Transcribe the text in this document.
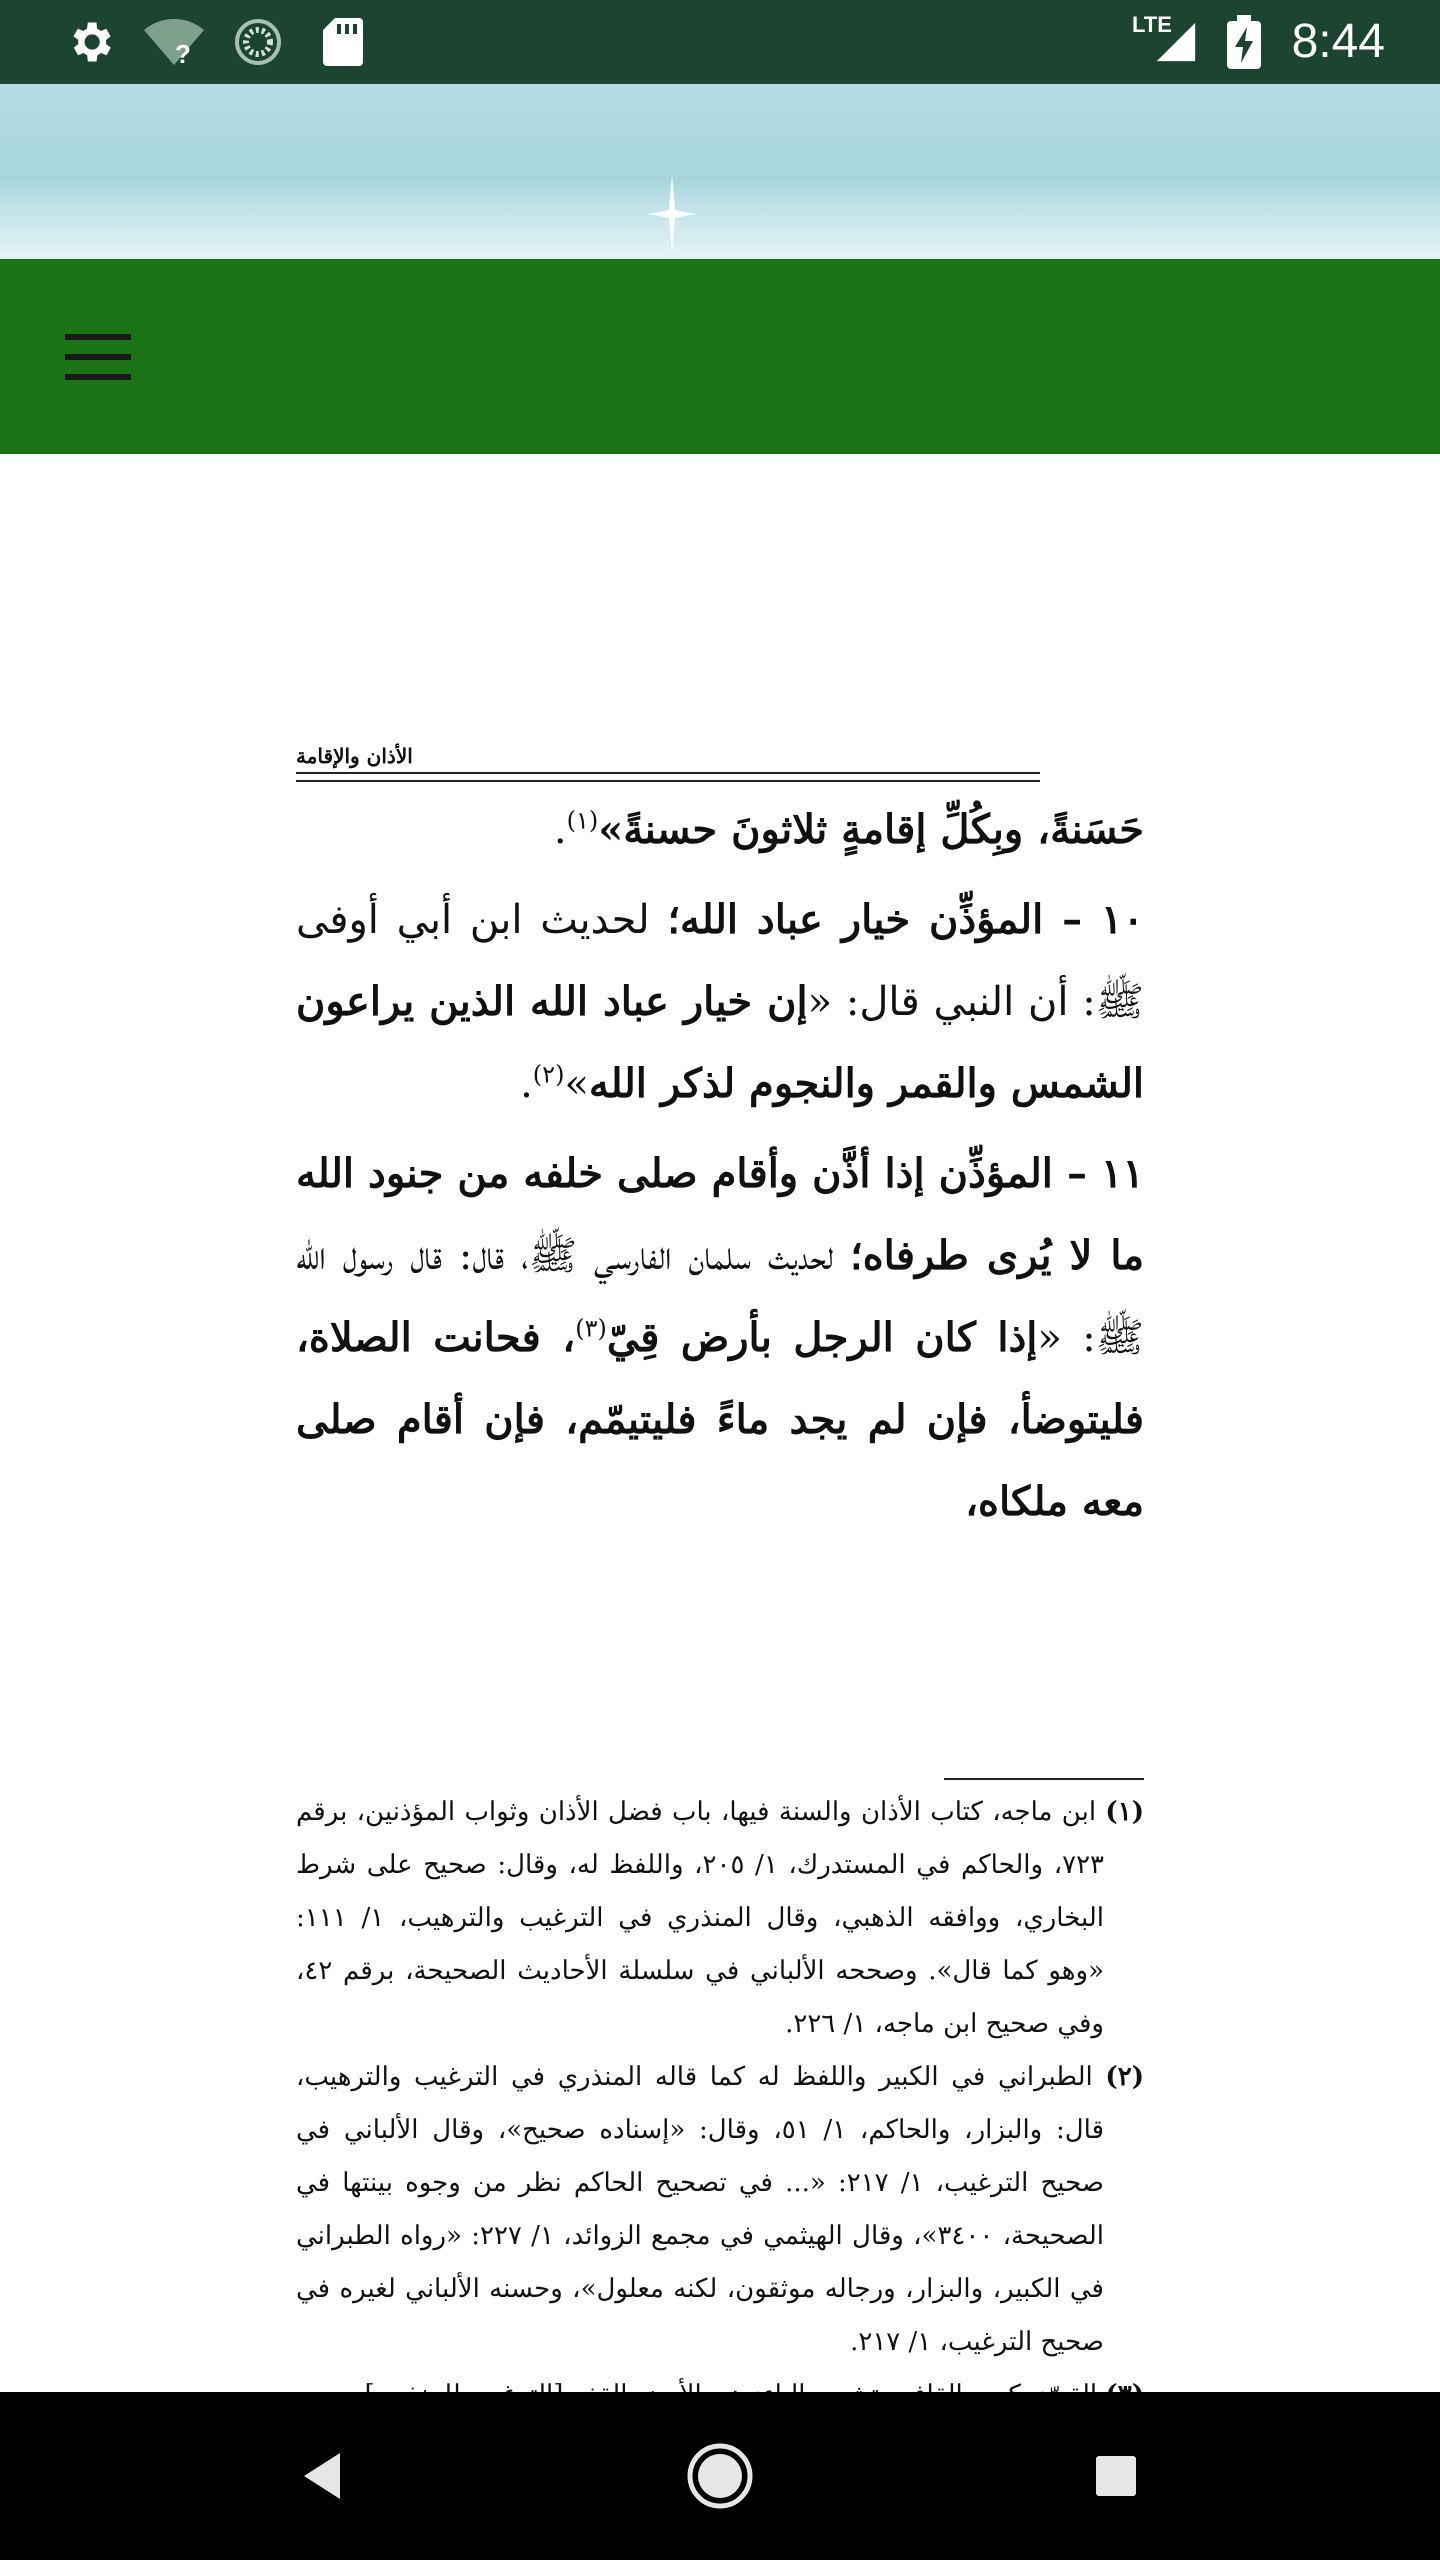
?
LTE 8:44
الأذان والإقامة

حَسَنةً، وبِكُلِّ إقامةٍ ثلاثونَ حسنةً»$^{(١)}$.

١٠ – المؤذِّن خيار عباد الله؛ لحديث ابن أبي أوفى ﷺ: أن النبي قال: «إن خيار عباد الله الذين يراعون الشمس والقمر والنجوم لذكر الله»$^{(٢)}$.

١١ – المؤذِّن إذا أذَّن وأقام صلى خلفه من جنود الله ما لا يُرى طرفاه؛ لحديث سلمان الفارسي ﷺ، قال: قال رسول الله ﷺ: «إذا كان الرجل بأرض قِيّ$^{(٣)}$، فحانت الصلاة، فليتوضأ، فإن لم يجد ماءً فليتيمّم، فإن أقام صلى معه ملكاه،

(١) ابن ماجه، كتاب الأذان والسنة فيها، باب فضل الأذان وثواب المؤذنين، برقم ٧٢٣، والحاكم في المستدرك، ١/ ٢٠٥، واللفظ له، وقال: صحيح على شرط البخاري، ووافقه الذهبي، وقال المنذري في الترغيب والترهيب، ١/ ١١١: «وهو كما قال». وصححه الألباني في سلسلة الأحاديث الصحيحة، برقم ٤٢، وفي صحيح ابن ماجه، ١/ ٢٢٦.

(٢) الطبراني في الكبير واللفظ له كما قاله المنذري في الترغيب والترهيب، قال: والبزار، والحاكم، ١/ ٥١، وقال: «إسناده صحيح»، وقال الألباني في صحيح الترغيب، ١/ ٢١٧: «... في تصحيح الحاكم نظر من وجوه بينتها في الصحيحة، ٣٤٠٠»، وقال الهيثمي في مجمع الزوائد، ١/ ٢٢٧: «رواه الطبراني في الكبير، والبزار، ورجاله موثقون، لكنه معلول»، وحسنه الألباني لغيره في صحيح الترغيب، ١/ ٢١٧.
